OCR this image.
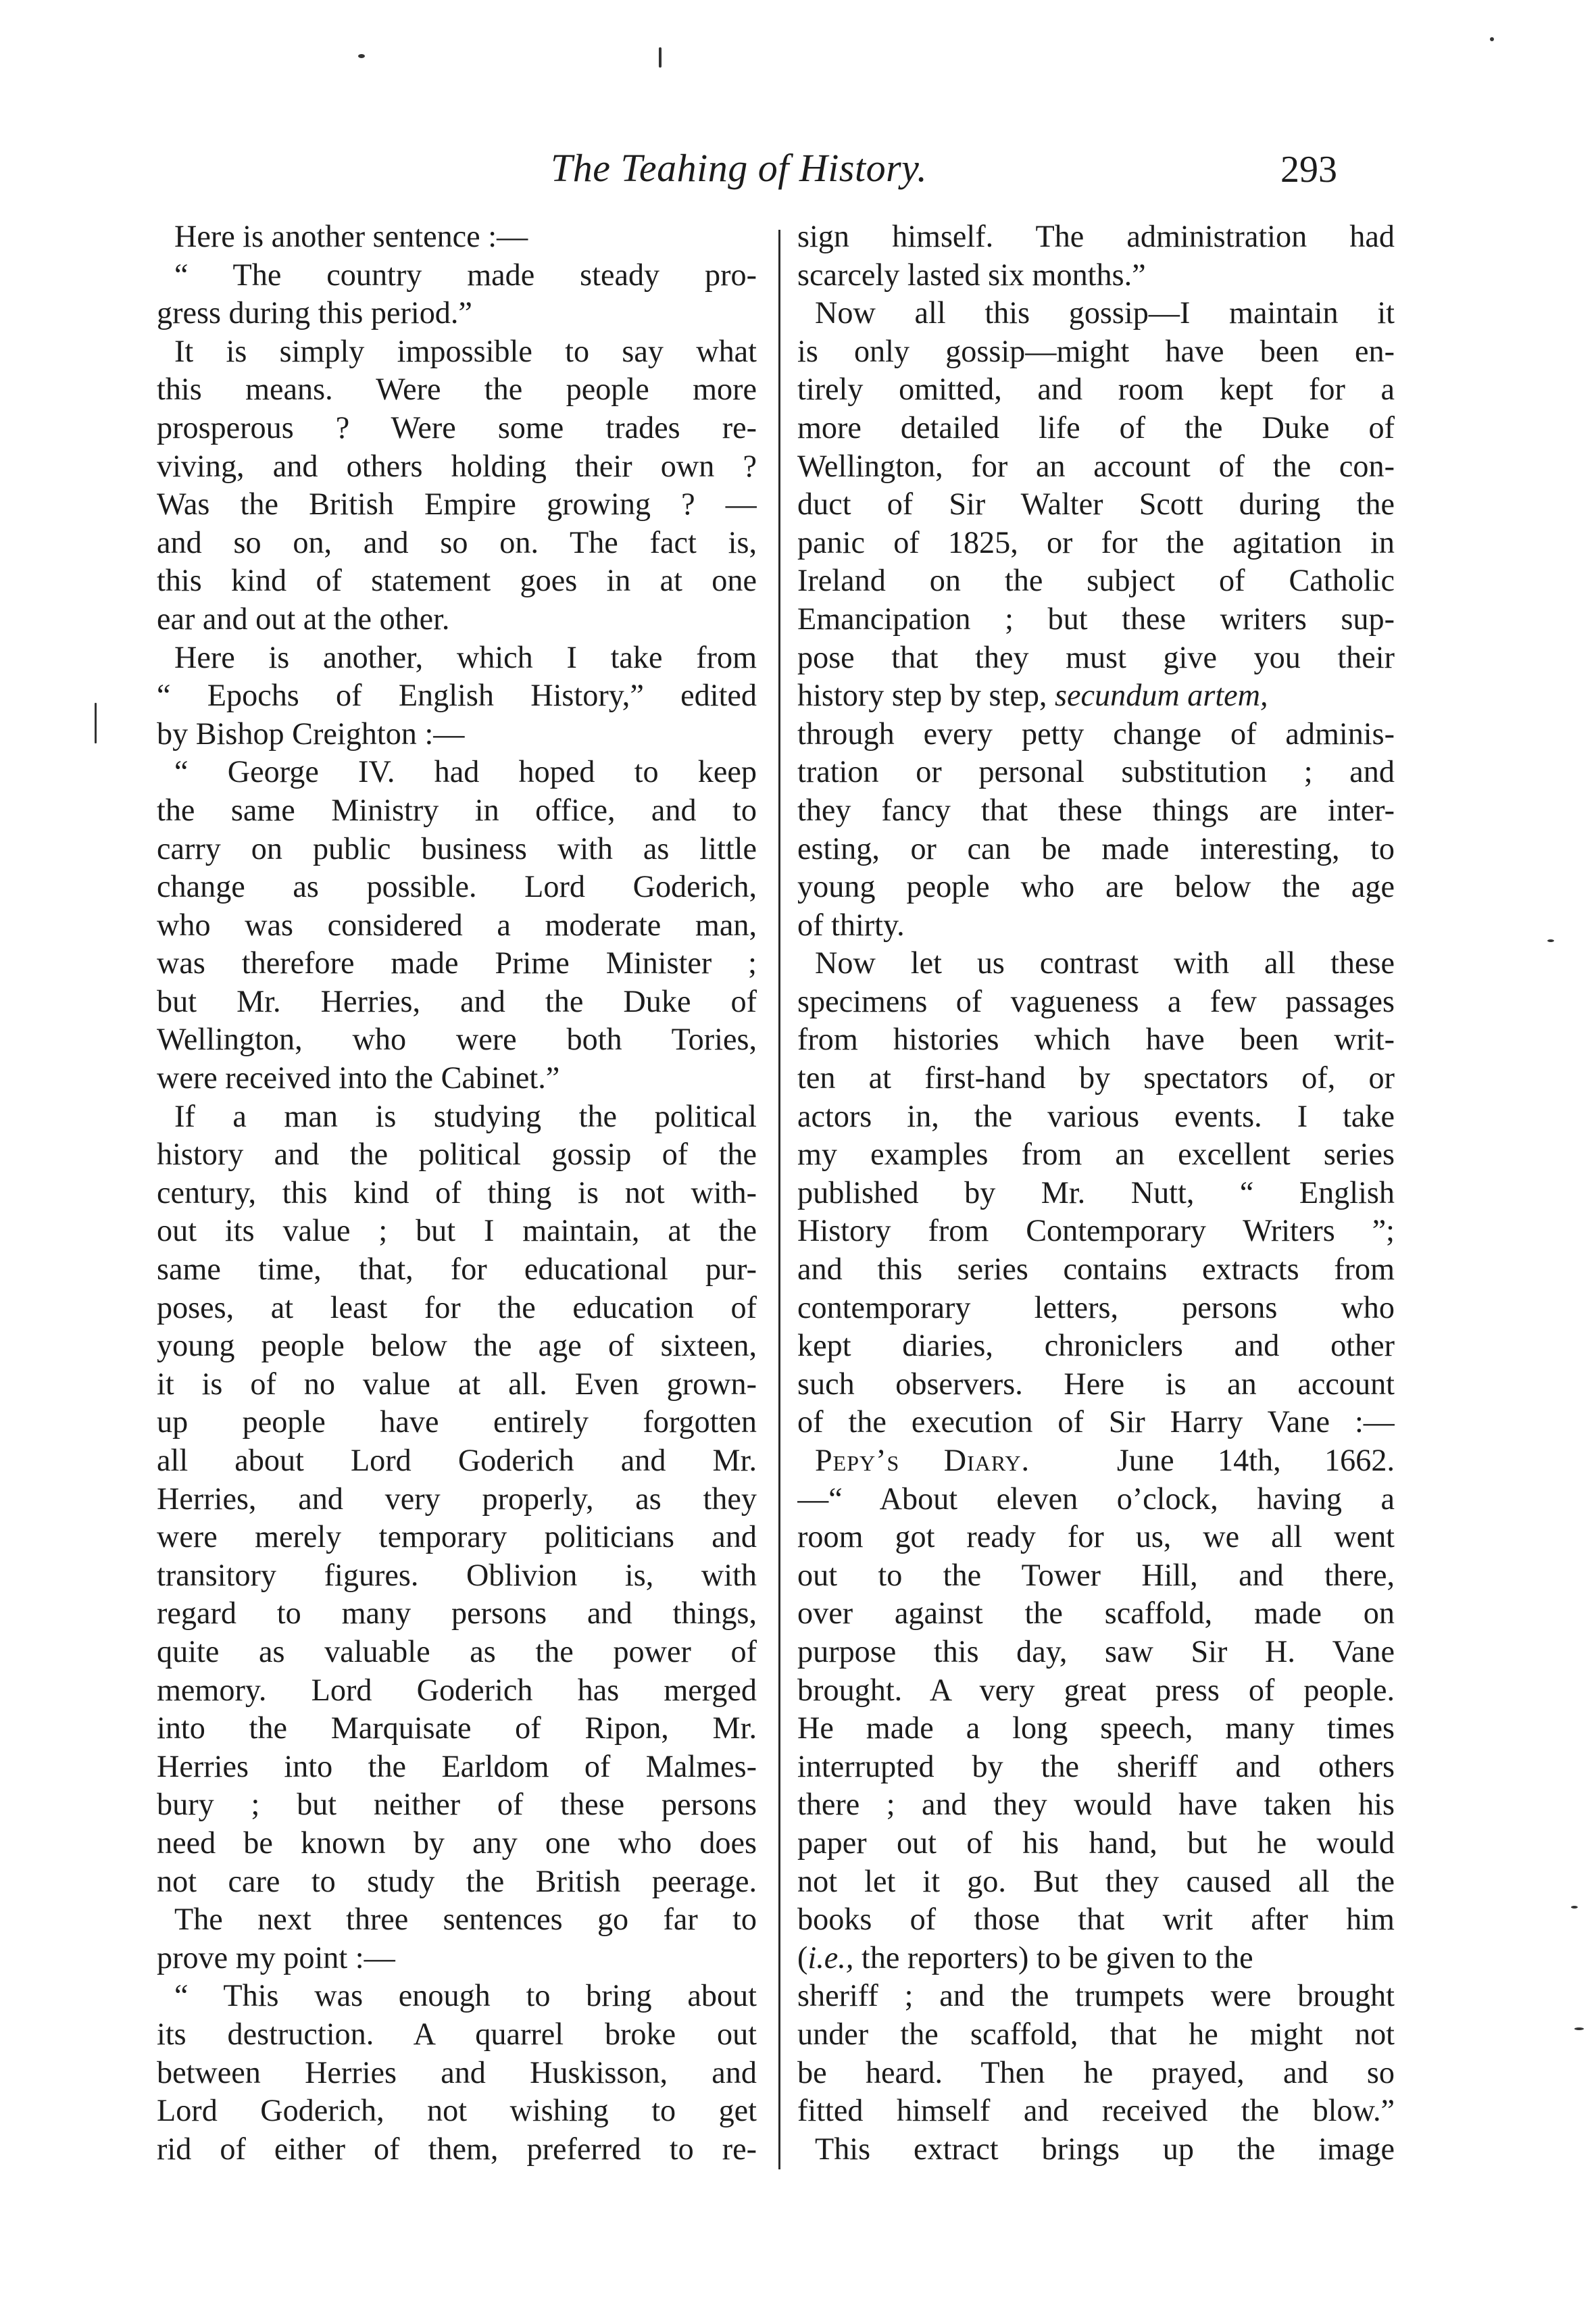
The Teahing of History.	293
Here is another sentence :—
“ The country made steady pro-
gress during this period.”
It is simply impossible to say what
this means. Were the people more
prosperous ? Were some trades re-
viving, and others holding their own ?
Was the British Empire growing ? —
and so on, and so on. The fact is,
this kind of statement goes in at one
ear and out at the other.
Here is another, which I take from
“ Epochs of English History,” edited
by Bishop Creighton :—
“ George IV. had hoped to keep
the same Ministry in office, and to
carry on public business with as little
change as possible. Lord Goderich,
who was considered a moderate man,
was therefore made Prime Minister ;
but Mr. Herries, and the Duke of
Wellington, who were both Tories,
were received into the Cabinet.”
If a man is studying the political
history and the political gossip of the
century, this kind of thing is not with-
out its value ; but I maintain, at the
same time, that, for educational pur-
poses, at least for the education of
young people below the age of sixteen,
it is of no value at all. Even grown-
up people have entirely forgotten
all about Lord Goderich and Mr.
Herries, and very properly, as they
were merely temporary politicians and
transitory figures. Oblivion is, with
regard to many persons and things,
quite as valuable as the power of
memory. Lord Goderich has merged
into the Marquisate of Ripon, Mr.
Herries into the Earldom of Malmes-
bury ; but neither of these persons
need be known by any one who does
not care to study the British peerage.
The next three sentences go far to
prove my point :—
“ This was enough to bring about
its destruction. A quarrel broke out
between Herries and Huskisson, and
Lord Goderich, not wishing to get
rid of either of them, preferred to re-
sign himself. The administration had
scarcely lasted six months.”
Now all this gossip—I maintain it
is only gossip—might have been en-
tirely omitted, and room kept for a
more detailed life of the Duke of
Wellington, for an account of the con-
duct of Sir Walter Scott during the
panic of 1825, or for the agitation in
Ireland on the subject of Catholic
Emancipation ; but these writers sup-
pose that they must give you their
history step by step, secundum artem,
through every petty change of adminis-
tration or personal substitution ; and
they fancy that these things are inter-
esting, or can be made interesting, to
young people who are below the age
of thirty.
Now let us contrast with all these
specimens of vagueness a few passages
from histories which have been writ-
ten at first-hand by spectators of, or
actors in, the various events. I take
my examples from an excellent series
published by Mr. Nutt, “ English
History from Contemporary Writers ”;
and this series contains extracts from
contemporary letters, persons who
kept diaries, chroniclers and other
such observers. Here is an account
of the execution of Sir Harry Vane :—
Pepy’s Diary.	June 14th, 1662.
—“ About eleven o’clock, having a
room got ready for us, we all went
out to the Tower Hill, and there,
over against the scaffold, made on
purpose this day, saw Sir H. Vane
brought. A very great press of people.
He made a long speech, many times
interrupted by the sheriff and others
there ; and they would have taken his
paper out of his hand, but he would
not let it go. But they caused all the
books of those that writ after him
(i.e., the reporters) to be given to the
sheriff ; and the trumpets were brought
under the scaffold, that he might not
be heard. Then he prayed, and so
fitted himself and received the blow.”
This extract brings up the image
